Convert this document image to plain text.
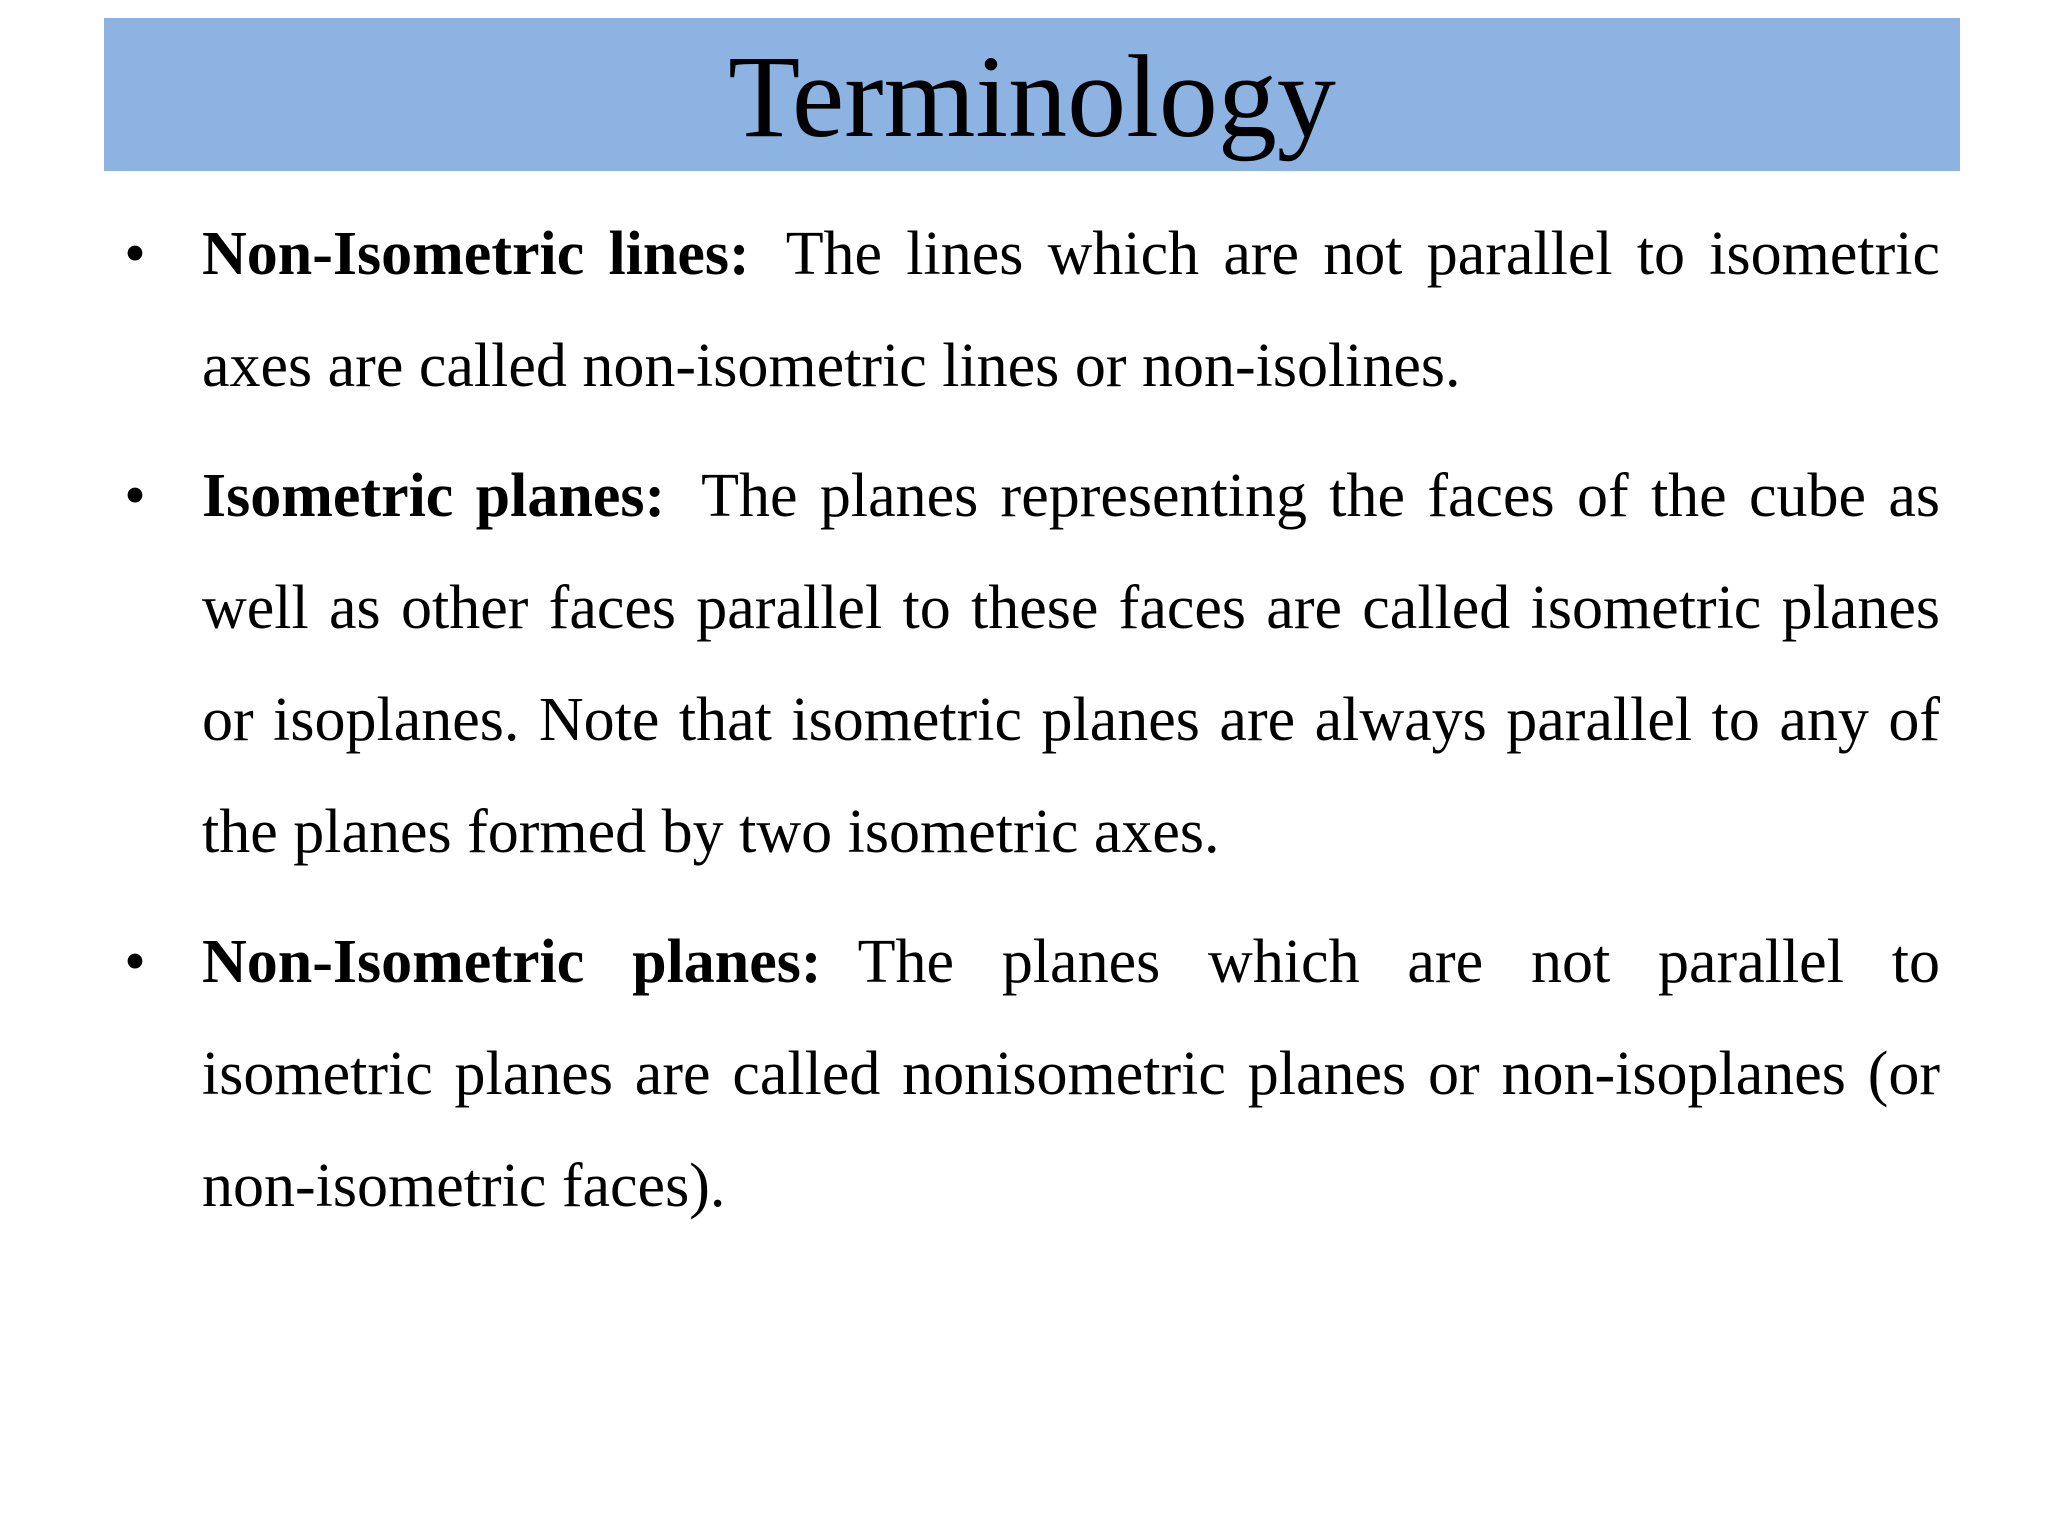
Terminology
• Non-Isometric lines: The lines which are not parallel to isometric axes are called non-isometric lines or non-isolines.
• Isometric planes: The planes representing the faces of the cube as well as other faces parallel to these faces are called isometric planes or isoplanes. Note that isometric planes are always parallel to any of the planes formed by two isometric axes.
• Non-Isometric planes: The planes which are not parallel to isometric planes are called nonisometric planes or non-isoplanes (or non-isometric faces).
